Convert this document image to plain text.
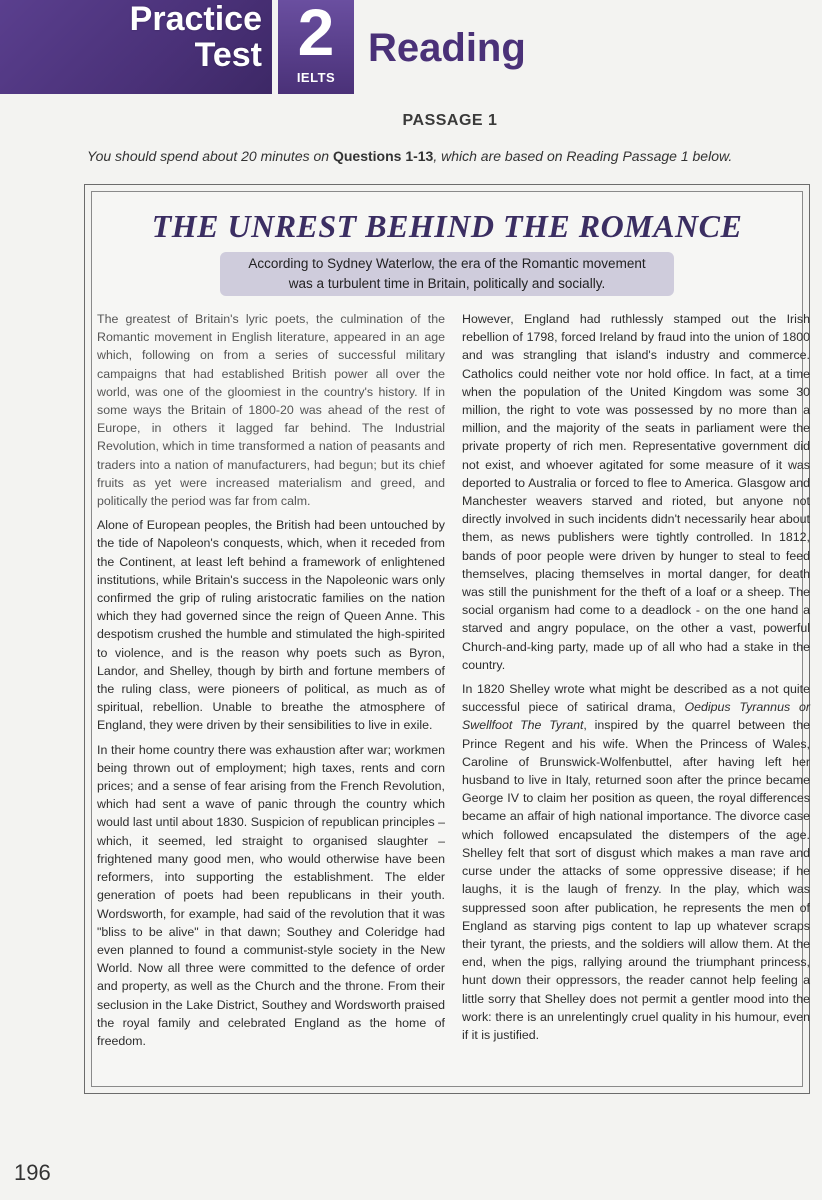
Practice
Test 2
IELTS
Reading
PASSAGE 1
You should spend about 20 minutes on Questions 1-13, which are based on Reading Passage 1 below.
THE UNREST BEHIND THE ROMANCE
According to Sydney Waterlow, the era of the Romantic movement
was a turbulent time in Britain, politically and socially.

The greatest of Britain's lyric poets, the culmination of the Romantic movement in English literature, appeared in an age which, following on from a series of successful military campaigns that had established British power all over the world, was one of the gloomiest in the country's history. If in some ways the Britain of 1800-20 was ahead of the rest of Europe, in others it lagged far behind. The Industrial Revolution, which in time transformed a nation of peasants and traders into a nation of manufacturers, had begun; but its chief fruits as yet were increased materialism and greed, and politically the period was far from calm.

Alone of European peoples, the British had been untouched by the tide of Napoleon's conquests, which, when it receded from the Continent, at least left behind a framework of enlightened institutions, while Britain's success in the Napoleonic wars only confirmed the grip of ruling aristocratic families on the nation which they had governed since the reign of Queen Anne. This despotism crushed the humble and stimulated the high-spirited to violence, and is the reason why poets such as Byron, Landor, and Shelley, though by birth and fortune members of the ruling class, were pioneers of political, as much as of spiritual, rebellion. Unable to breathe the atmosphere of England, they were driven by their sensibilities to live in exile.

In their home country there was exhaustion after war; workmen being thrown out of employment; high taxes, rents and corn prices; and a sense of fear arising from the French Revolution, which had sent a wave of panic through the country which would last until about 1830. Suspicion of republican principles – which, it seemed, led straight to organised slaughter – frightened many good men, who would otherwise have been reformers, into supporting the establishment. The elder generation of poets had been republicans in their youth. Wordsworth, for example, had said of the revolution that it was "bliss to be alive" in that dawn; Southey and Coleridge had even planned to found a communist-style society in the New World. Now all three were committed to the defence of order and property, as well as the Church and the throne. From their seclusion in the Lake District, Southey and Wordsworth praised the royal family and celebrated England as the home of freedom.

However, England had ruthlessly stamped out the Irish rebellion of 1798, forced Ireland by fraud into the union of 1800 and was strangling that island's industry and commerce. Catholics could neither vote nor hold office. In fact, at a time when the population of the United Kingdom was some 30 million, the right to vote was possessed by no more than a million, and the majority of the seats in parliament were the private property of rich men. Representative government did not exist, and whoever agitated for some measure of it was deported to Australia or forced to flee to America. Glasgow and Manchester weavers starved and rioted, but anyone not directly involved in such incidents didn't necessarily hear about them, as news publishers were tightly controlled. In 1812, bands of poor people were driven by hunger to steal to feed themselves, placing themselves in mortal danger, for death was still the punishment for the theft of a loaf or a sheep. The social organism had come to a deadlock - on the one hand a starved and angry populace, on the other a vast, powerful Church-and-king party, made up of all who had a stake in the country.

In 1820 Shelley wrote what might be described as a not quite successful piece of satirical drama, Oedipus Tyrannus or Swellfoot The Tyrant, inspired by the quarrel between the Prince Regent and his wife. When the Princess of Wales, Caroline of Brunswick-Wolfenbuttel, after having left her husband to live in Italy, returned soon after the prince became George IV to claim her position as queen, the royal differences became an affair of high national importance. The divorce case which followed encapsulated the distempers of the age. Shelley felt that sort of disgust which makes a man rave and curse under the attacks of some oppressive disease; if he laughs, it is the laugh of frenzy. In the play, which was suppressed soon after publication, he represents the men of England as starving pigs content to lap up whatever scraps their tyrant, the priests, and the soldiers will allow them. At the end, when the pigs, rallying around the triumphant princess, hunt down their oppressors, the reader cannot help feeling a little sorry that Shelley does not permit a gentler mood into the work: there is an unrelentingly cruel quality in his humour, even if it is justified.

196
